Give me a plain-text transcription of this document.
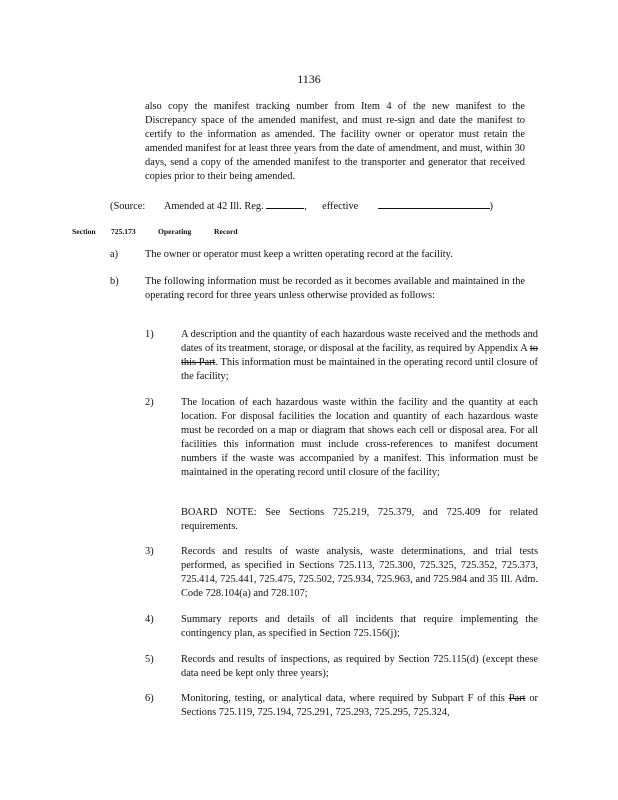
1136
also copy the manifest tracking number from Item 4 of the new manifest to the Discrepancy space of the amended manifest, and must re-sign and date the manifest to certify to the information as amended. The facility owner or operator must retain the amended manifest for at least three years from the date of amendment, and must, within 30 days, send a copy of the amended manifest to the transporter and generator that received copies prior to their being amended.
(Source: Amended at 42 Ill. Reg.	, effective	)
Section 725.173	Operating	Record
a)	The owner or operator must keep a written operating record at the facility.
b)	The following information must be recorded as it becomes available and maintained in the operating record for three years unless otherwise provided as follows:
1)	A description and the quantity of each hazardous waste received and the methods and dates of its treatment, storage, or disposal at the facility, as required by Appendix A to this Part. This information must be maintained in the operating record until closure of the facility;
2)	The location of each hazardous waste within the facility and the quantity at each location. For disposal facilities the location and quantity of each hazardous waste must be recorded on a map or diagram that shows each cell or disposal area. For all facilities this information must include cross-references to manifest document numbers if the waste was accompanied by a manifest. This information must be maintained in the operating record until closure of the facility;
BOARD NOTE: See Sections 725.219, 725.379, and 725.409 for related requirements.
3)	Records and results of waste analysis, waste determinations, and trial tests performed, as specified in Sections 725.113, 725.300, 725.325, 725.352, 725.373, 725.414, 725.441, 725.475, 725.502, 725.934, 725.963, and 725.984 and 35 Ill. Adm. Code 728.104(a) and 728.107;
4)	Summary reports and details of all incidents that require implementing the contingency plan, as specified in Section 725.156(j);
5)	Records and results of inspections, as required by Section 725.115(d) (except these data need be kept only three years);
6)	Monitoring, testing, or analytical data, where required by Subpart F of this Part or Sections 725.119, 725.194, 725.291, 725.293, 725.295, 725.324,
